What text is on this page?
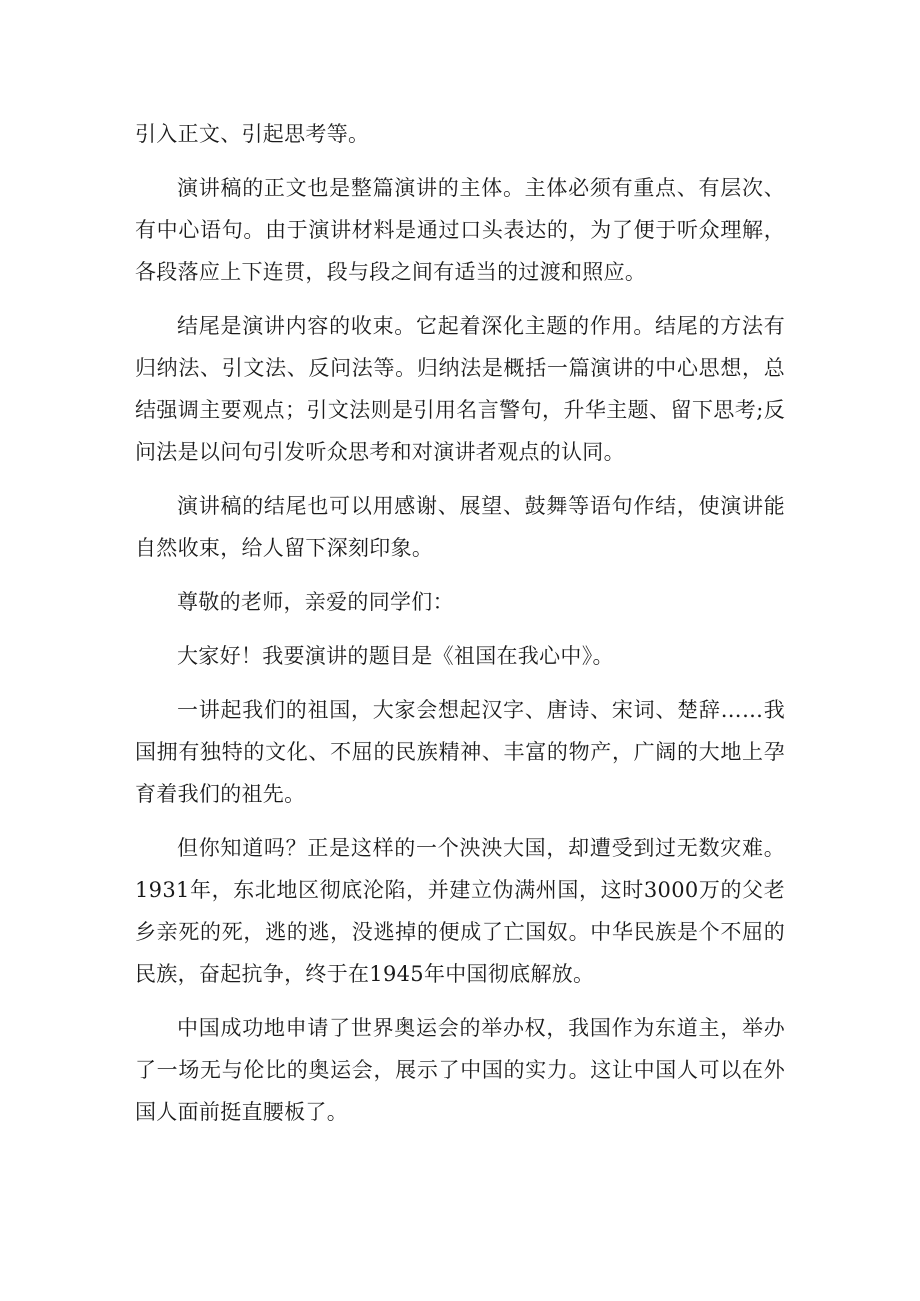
引入正文、引起思考等。

演讲稿的正文也是整篇演讲的主体。主体必须有重点、有层次、有中心语句。由于演讲材料是通过口头表达的，为了便于听众理解，各段落应上下连贯，段与段之间有适当的过渡和照应。

结尾是演讲内容的收束。它起着深化主题的作用。结尾的方法有归纳法、引文法、反问法等。归纳法是概括一篇演讲的中心思想，总结强调主要观点；引文法则是引用名言警句，升华主题、留下思考;反问法是以问句引发听众思考和对演讲者观点的认同。

演讲稿的结尾也可以用感谢、展望、鼓舞等语句作结，使演讲能自然收束，给人留下深刻印象。

尊敬的老师，亲爱的同学们：

大家好！我要演讲的题目是《祖国在我心中》。

一讲起我们的祖国，大家会想起汉字、唐诗、宋词、楚辞……我国拥有独特的文化、不屈的民族精神、丰富的物产，广阔的大地上孕育着我们的祖先。

但你知道吗？正是这样的一个泱泱大国，却遭受到过无数灾难。1931年，东北地区彻底沦陷，并建立伪满州国，这时3000万的父老乡亲死的死，逃的逃，没逃掉的便成了亡国奴。中华民族是个不屈的民族，奋起抗争，终于在1945年中国彻底解放。

中国成功地申请了世界奥运会的举办权，我国作为东道主，举办了一场无与伦比的奥运会，展示了中国的实力。这让中国人可以在外国人面前挺直腰板了。
